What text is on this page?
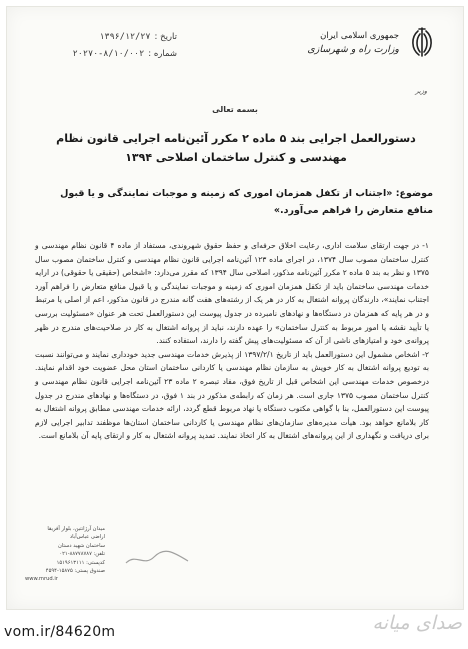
تاریخ :
۱۳۹۶/۱۲/۲۷
شماره :
۲۰۲۷۰-۸/۱۰/۰۰۲
جمهوری اسلامی ایران
وزارت راه و شهرسازی
وزیر
بسمه تعالی
دستورالعمل اجرایی بند ۵ ماده ۲ مکرر آئین‌نامه اجرایی قانون نظام مهندسی و کنترل ساختمان اصلاحی ۱۳۹۴
موضوع: «اجتناب از تکفل همزمان اموری که زمینه و موجبات نمایندگی و یا قبول منافع متعارض را فراهم می‌آورد.»

۱- در جهت ارتقای سلامت اداری، رعایت اخلاق حرفه‌ای و حفظ حقوق شهروندی، مستفاد از ماده ۴ قانون نظام مهندسی و کنترل ساختمان مصوب سال ۱۳۷۴، در اجرای ماده ۱۲۳ آئین‌نامه اجرایی قانون نظام مهندسی و کنترل ساختمان مصوب سال ۱۳۷۵ و نظر به بند ۵ ماده ۲ مکرر آئین‌نامه مذکور، اصلاحی سال ۱۳۹۴ که مقرر می‌دارد: «اشخاص (حقیقی یا حقوقی) در ارایه خدمات مهندسی ساختمان باید از تکفل همزمان اموری که زمینه و موجبات نمایندگی و یا قبول منافع متعارض را فراهم آورد اجتناب نمایند»، دارندگان پروانه اشتغال به کار در هر یک از رشته‌های هفت گانه مندرج در قانون مذکور، اعم از اصلی یا مرتبط و در هر پایه که همزمان در دستگاه‌ها و نهادهای نامبرده در جدول پیوست این دستورالعمل تحت هر عنوان «مسئولیت بررسی یا تأیید نقشه یا امور مربوط به کنترل ساختمان» را عهده دارند، نباید از پروانه اشتغال به کار در صلاحیت‌های مندرج در ظهر پروانه‌ی خود و امتیازهای ناشی از آن که مسئولیت‌های پیش گفته را دارند، استفاده کنند.

۲- اشخاص مشمول این دستورالعمل باید از تاریخ ۱۳۹۷/۲/۱ از پذیرش خدمات مهندسی جدید خودداری نمایند و می‌توانند نسبت به تودیع پروانه اشتغال به کار خویش به سازمان نظام مهندسی یا کاردانی ساختمان استان محل عضویت خود اقدام نمایند. درخصوص خدمات مهندسی این اشخاص قبل از تاریخ فوق، مفاد تبصره ۲ ماده ۲۳ آئین‌نامه اجرایی قانون نظام مهندسی و کنترل ساختمان مصوب ۱۳۷۵ جاری است. هر زمان که رابطه‌ی مذکور در بند ۱ فوق، در دستگاه‌ها و نهادهای مندرج در جدول پیوست این دستورالعمل، بنا با گواهی مکتوب دستگاه یا نهاد مربوط قطع گردد، ارائه خدمات مهندسی مطابق پروانه اشتغال به کار بلامانع خواهد بود. هیأت مدیره‌های سازمان‌های نظام مهندسی یا کاردانی ساختمان استان‌ها موظفند تدابیر اجرایی لازم برای دریافت و نگهداری از این پروانه‌های اشتغال به کار اتخاذ نمایند. تمدید پروانه اشتغال به کار و ارتقای پایه آن بلامانع است.

میدان آرژانتین، بلوار آفریقا
اراضی عباس‌آباد
ساختمان شهید دستان
تلفن: ۸۸۷۷۸۷۸۷-۰۲۱
کدپستی: ۱۵۱۹۶۱۳۱۱۱
صندوق پستی: ۱۵۸۷۵-۴۵۹۴
www.mrud.ir
vom.ir/84620m	صدای میانه
